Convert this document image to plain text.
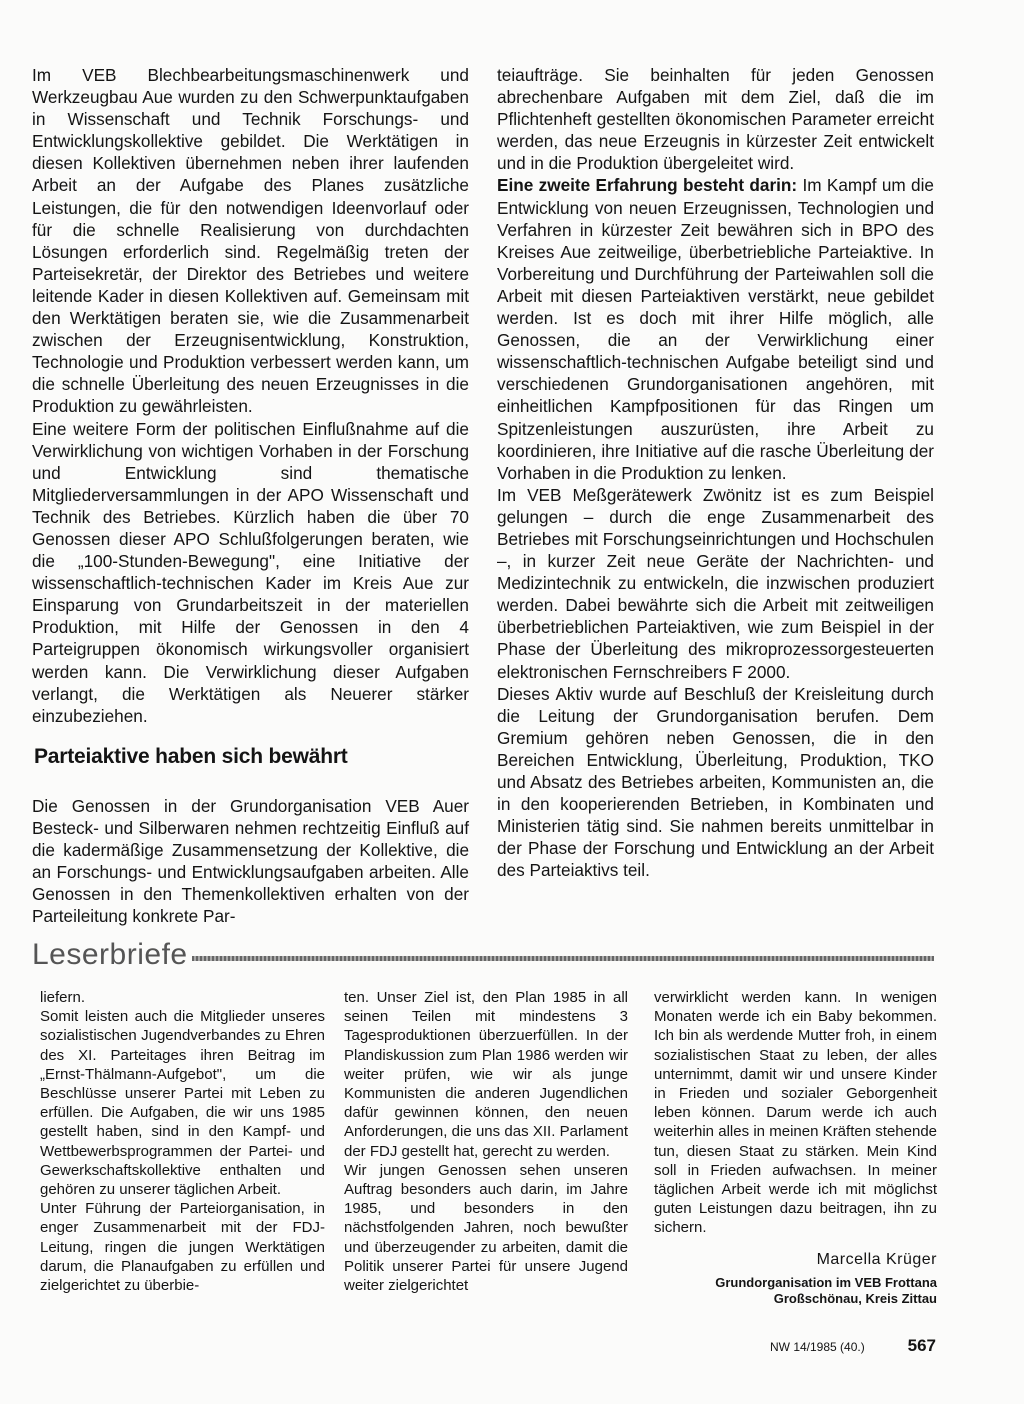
Im VEB Blechbearbeitungsmaschinenwerk und Werkzeugbau Aue wurden zu den Schwerpunktaufgaben in Wissenschaft und Technik Forschungs- und Entwicklungskollektive gebildet. Die Werktätigen in diesen Kollektiven übernehmen neben ihrer laufenden Arbeit an der Aufgabe des Planes zusätzliche Leistungen, die für den notwendigen Ideenvorlauf oder für die schnelle Realisierung von durchdachten Lösungen erforderlich sind. Regelmäßig treten der Parteisekretär, der Direktor des Betriebes und weitere leitende Kader in diesen Kollektiven auf. Gemeinsam mit den Werktätigen beraten sie, wie die Zusammenarbeit zwischen der Erzeugnisentwicklung, Konstruktion, Technologie und Produktion verbessert werden kann, um die schnelle Überleitung des neuen Erzeugnisses in die Produktion zu gewährleisten.

Eine weitere Form der politischen Einflußnahme auf die Verwirklichung von wichtigen Vorhaben in der Forschung und Entwicklung sind thematische Mitgliederversammlungen in der APO Wissenschaft und Technik des Betriebes. Kürzlich haben die über 70 Genossen dieser APO Schlußfolgerungen beraten, wie die „100-Stunden-Bewegung", eine Initiative der wissenschaftlich-technischen Kader im Kreis Aue zur Einsparung von Grundarbeitszeit in der materiellen Produktion, mit Hilfe der Genossen in den 4 Parteigruppen ökonomisch wirkungsvoller organisiert werden kann. Die Verwirklichung dieser Aufgaben verlangt, die Werktätigen als Neuerer stärker einzubeziehen.

Parteiaktive haben sich bewährt

Die Genossen in der Grundorganisation VEB Auer Besteck- und Silberwaren nehmen rechtzeitig Einfluß auf die kadermäßige Zusammensetzung der Kollektive, die an Forschungs- und Entwicklungsaufgaben arbeiten. Alle Genossen in den Themenkollektiven erhalten von der Parteileitung konkrete Par-

teiaufträge. Sie beinhalten für jeden Genossen abrechenbare Aufgaben mit dem Ziel, daß die im Pflichtenheft gestellten ökonomischen Parameter erreicht werden, das neue Erzeugnis in kürzester Zeit entwickelt und in die Produktion übergeleitet wird.

Eine zweite Erfahrung besteht darin: Im Kampf um die Entwicklung von neuen Erzeugnissen, Technologien und Verfahren in kürzester Zeit bewähren sich in BPO des Kreises Aue zeitweilige, überbetriebliche Parteiaktive. In Vorbereitung und Durchführung der Parteiwahlen soll die Arbeit mit diesen Parteiaktiven verstärkt, neue gebildet werden. Ist es doch mit ihrer Hilfe möglich, alle Genossen, die an der Verwirklichung einer wissenschaftlich-technischen Aufgabe beteiligt sind und verschiedenen Grundorganisationen angehören, mit einheitlichen Kampfpositionen für das Ringen um Spitzenleistungen auszurüsten, ihre Arbeit zu koordinieren, ihre Initiative auf die rasche Überleitung der Vorhaben in die Produktion zu lenken.

Im VEB Meßgerätewerk Zwönitz ist es zum Beispiel gelungen – durch die enge Zusammenarbeit des Betriebes mit Forschungseinrichtungen und Hochschulen –, in kurzer Zeit neue Geräte der Nachrichten- und Medizintechnik zu entwickeln, die inzwischen produziert werden. Dabei bewährte sich die Arbeit mit zeitweiligen überbetrieblichen Parteiaktiven, wie zum Beispiel in der Phase der Überleitung des mikroprozessorgesteuerten elektronischen Fernschreibers F 2000.

Dieses Aktiv wurde auf Beschluß der Kreisleitung durch die Leitung der Grundorganisation berufen. Dem Gremium gehören neben Genossen, die in den Bereichen Entwicklung, Überleitung, Produktion, TKO und Absatz des Betriebes arbeiten, Kommunisten an, die in den kooperierenden Betrieben, in Kombinaten und Ministerien tätig sind. Sie nahmen bereits unmittelbar in der Phase der Forschung und Entwicklung an der Arbeit des Parteiaktivs teil.

Leserbriefe

liefern.

Somit leisten auch die Mitglieder unseres sozialistischen Jugendverbandes zu Ehren des XI. Parteitages ihren Beitrag im „Ernst-Thälmann-Aufgebot", um die Beschlüsse unserer Partei mit Leben zu erfüllen. Die Aufgaben, die wir uns 1985 gestellt haben, sind in den Kampf- und Wettbewerbsprogrammen der Partei- und Gewerkschaftskollektive enthalten und gehören zu unserer täglichen Arbeit.

Unter Führung der Parteiorganisation, in enger Zusammenarbeit mit der FDJ-Leitung, ringen die jungen Werktätigen darum, die Planaufgaben zu erfüllen und zielgerichtet zu überbie-

ten. Unser Ziel ist, den Plan 1985 in all seinen Teilen mit mindestens 3 Tagesproduktionen überzuerfüllen. In der Plandiskussion zum Plan 1986 werden wir weiter prüfen, wie wir als junge Kommunisten die anderen Jugendlichen dafür gewinnen können, den neuen Anforderungen, die uns das XII. Parlament der FDJ gestellt hat, gerecht zu werden.

Wir jungen Genossen sehen unseren Auftrag besonders auch darin, im Jahre 1985, und besonders in den nächstfolgenden Jahren, noch bewußter und überzeugender zu arbeiten, damit die Politik unserer Partei für unsere Jugend weiter zielgerichtet

verwirklicht werden kann. In wenigen Monaten werde ich ein Baby bekommen. Ich bin als werdende Mutter froh, in einem sozialistischen Staat zu leben, der alles unternimmt, damit wir und unsere Kinder in Frieden und sozialer Geborgenheit leben können. Darum werde ich auch weiterhin alles in meinen Kräften stehende tun, diesen Staat zu stärken. Mein Kind soll in Frieden aufwachsen. In meiner täglichen Arbeit werde ich mit möglichst guten Leistungen dazu beitragen, ihn zu sichern.

Marcella Krüger
Grundorganisation im VEB Frottana
Großschönau, Kreis Zittau
NW 14/1985 (40.)	567
